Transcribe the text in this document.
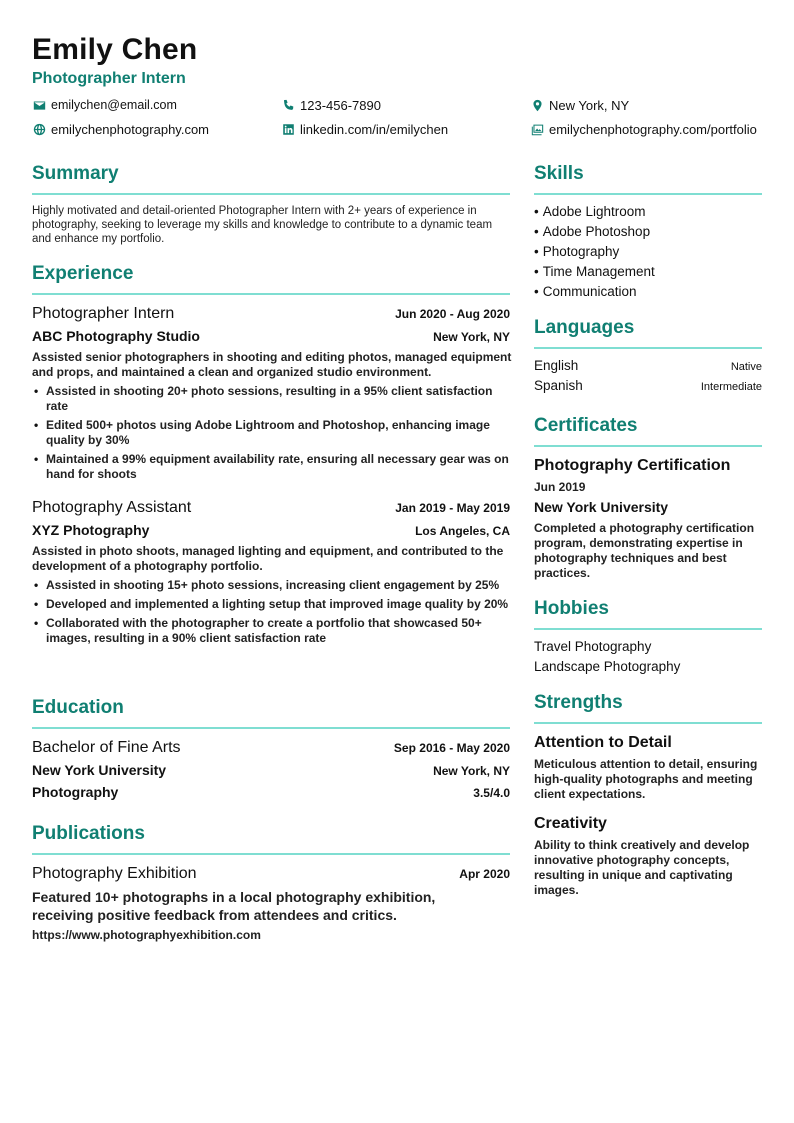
Emily Chen
Photographer Intern
emilychen@email.com	123-456-7890	New York, NY
emilychenphotography.com	linkedin.com/in/emilychen	emilychenphotography.com/portfolio
Summary
Highly motivated and detail-oriented Photographer Intern with 2+ years of experience in photography, seeking to leverage my skills and knowledge to contribute to a dynamic team and enhance my portfolio.
Experience
Photographer Intern	Jun 2020 - Aug 2020
ABC Photography Studio	New York, NY
Assisted senior photographers in shooting and editing photos, managed equipment and props, and maintained a clean and organized studio environment.
• Assisted in shooting 20+ photo sessions, resulting in a 95% client satisfaction rate
• Edited 500+ photos using Adobe Lightroom and Photoshop, enhancing image quality by 30%
• Maintained a 99% equipment availability rate, ensuring all necessary gear was on hand for shoots
Photography Assistant	Jan 2019 - May 2019
XYZ Photography	Los Angeles, CA
Assisted in photo shoots, managed lighting and equipment, and contributed to the development of a photography portfolio.
• Assisted in shooting 15+ photo sessions, increasing client engagement by 25%
• Developed and implemented a lighting setup that improved image quality by 20%
• Collaborated with the photographer to create a portfolio that showcased 50+ images, resulting in a 90% client satisfaction rate
Education
Bachelor of Fine Arts	Sep 2016 - May 2020
New York University	New York, NY
Photography	3.5/4.0
Publications
Photography Exhibition	Apr 2020
Featured 10+ photographs in a local photography exhibition, receiving positive feedback from attendees and critics.
https://www.photographyexhibition.com
Skills
• Adobe Lightroom
• Adobe Photoshop
• Photography
• Time Management
• Communication
Languages
English	Native
Spanish	Intermediate
Certificates
Photography Certification
Jun 2019
New York University
Completed a photography certification program, demonstrating expertise in photography techniques and best practices.
Hobbies
Travel Photography
Landscape Photography
Strengths
Attention to Detail
Meticulous attention to detail, ensuring high-quality photographs and meeting client expectations.
Creativity
Ability to think creatively and develop innovative photography concepts, resulting in unique and captivating images.
